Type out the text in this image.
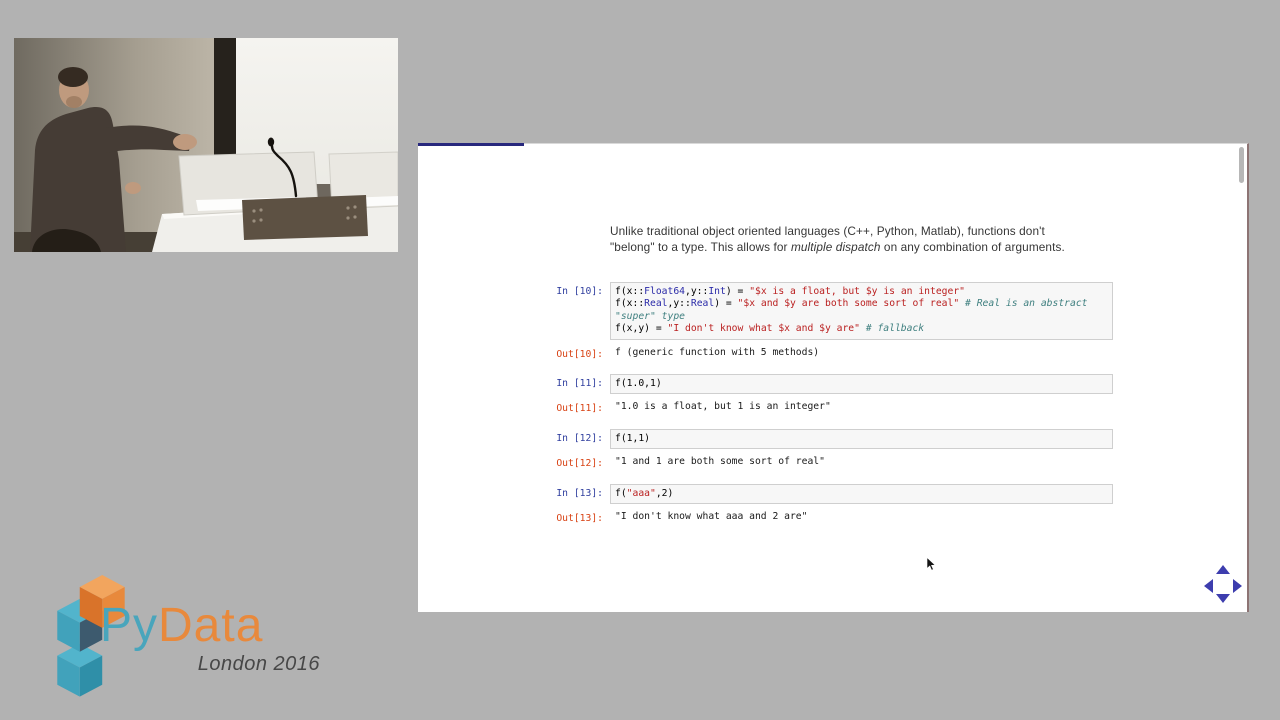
Unlike traditional object oriented languages (C++, Python, Matlab), functions don't
"belong" to a type. This allows for multiple dispatch on any combination of arguments.
In [10]:	f(x::Float64,y::Int) = "$x is a float, but $y is an integer"
f(x::Real,y::Real) = "$x and $y are both some sort of real" # Real is an abstract
"super" type
f(x,y) = "I don't know what $x and $y are" # fallback
Out[10]:	f (generic function with 5 methods)
In [11]:	f(1.0,1)
Out[11]:	"1.0 is a float, but 1 is an integer"
In [12]:	f(1,1)
Out[12]:	"1 and 1 are both some sort of real"
In [13]:	f("aaa",2)
Out[13]:	"I don't know what aaa and 2 are"
PyData
London 2016
